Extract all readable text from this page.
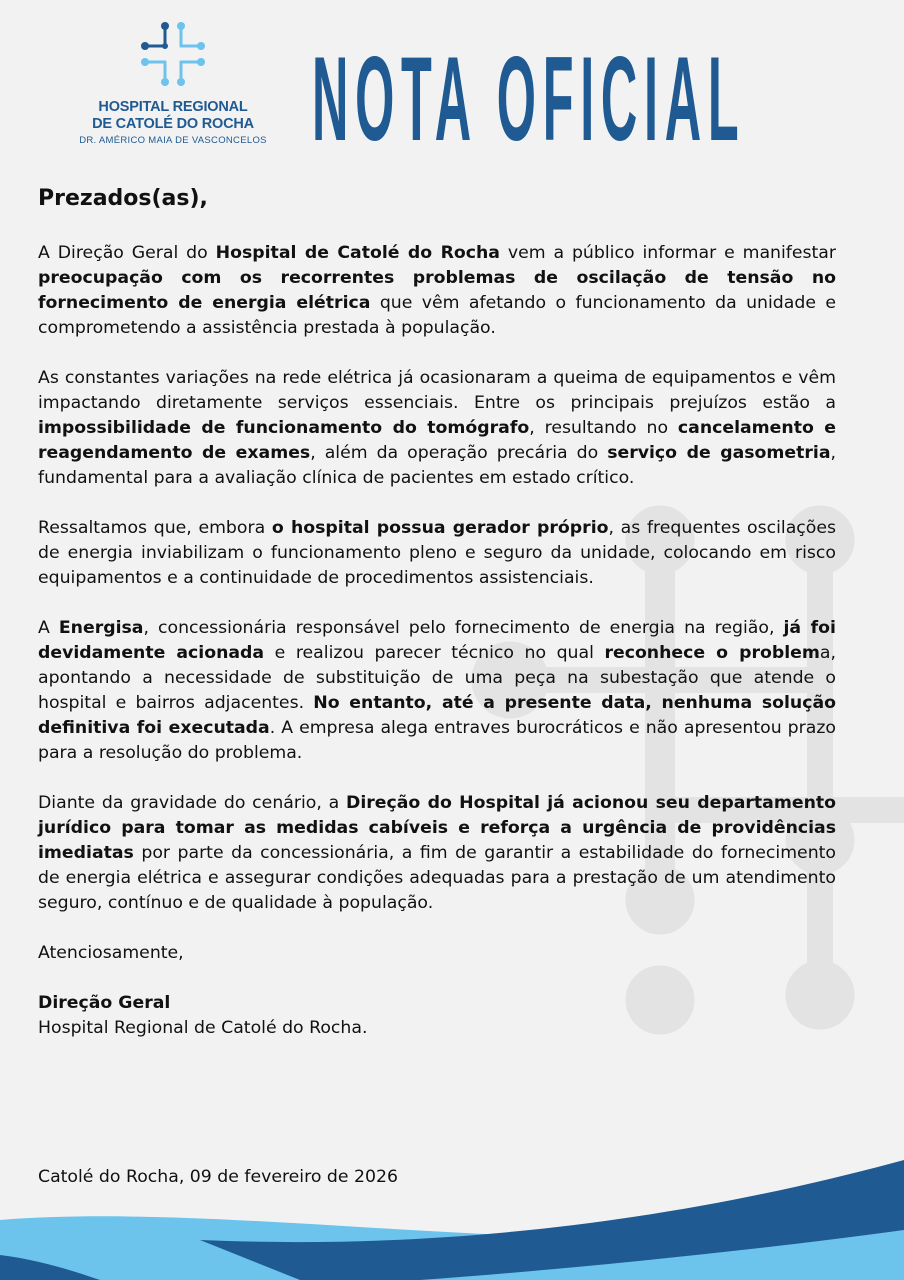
HOSPITAL REGIONAL
DE CATOLÉ DO ROCHA
DR. AMÉRICO MAIA DE VASCONCELOS NOTA OFICIAL

Prezados(as),

A Direção Geral do Hospital de Catolé do Rocha vem a público informar e manifestar preocupação com os recorrentes problemas de oscilação de tensão no fornecimento de energia elétrica que vêm afetando o funcionamento da unidade e comprometendo a assistência prestada à população.

As constantes variações na rede elétrica já ocasionaram a queima de equipamentos e vêm impactando diretamente serviços essenciais. Entre os principais prejuízos estão a impossibilidade de funcionamento do tomógrafo, resultando no cancelamento e reagendamento de exames, além da operação precária do serviço de gasometria, fundamental para a avaliação clínica de pacientes em estado crítico.

Ressaltamos que, embora o hospital possua gerador próprio, as frequentes oscilações de energia inviabilizam o funcionamento pleno e seguro da unidade, colocando em risco equipamentos e a continuidade de procedimentos assistenciais.

A Energisa, concessionária responsável pelo fornecimento de energia na região, já foi devidamente acionada e realizou parecer técnico no qual reconhece o problema, apontando a necessidade de substituição de uma peça na subestação que atende o hospital e bairros adjacentes. No entanto, até a presente data, nenhuma solução definitiva foi executada. A empresa alega entraves burocráticos e não apresentou prazo para a resolução do problema.

Diante da gravidade do cenário, a Direção do Hospital já acionou seu departamento jurídico para tomar as medidas cabíveis e reforça a urgência de providências imediatas por parte da concessionária, a fim de garantir a estabilidade do fornecimento de energia elétrica e assegurar condições adequadas para a prestação de um atendimento seguro, contínuo e de qualidade à população.

Atenciosamente,

Direção Geral
Hospital Regional de Catolé do Rocha.

Catolé do Rocha, 09 de fevereiro de 2026
